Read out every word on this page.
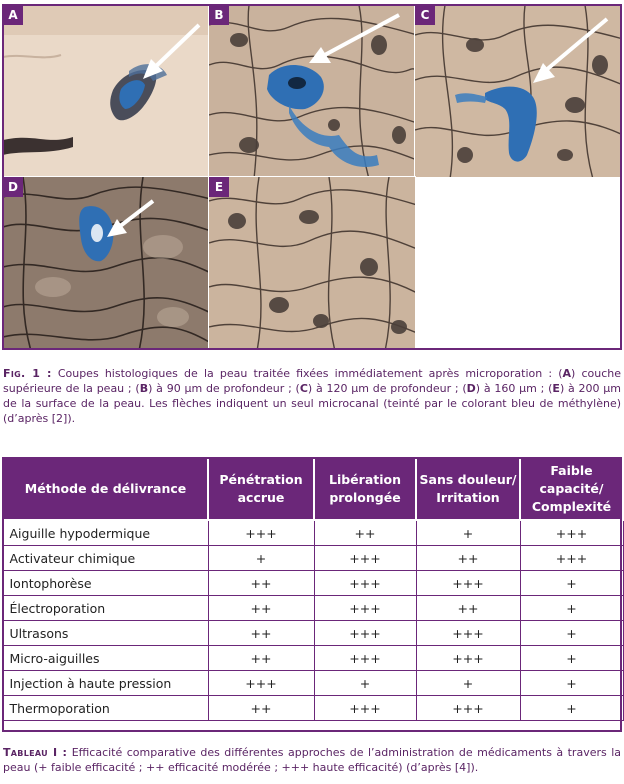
A	B	C
D	E
Fig. 1 : Coupes histologiques de la peau traitée fixées immédiatement après microporation : (A) couche supérieure de la peau ; (B) à 90 µm de profondeur ; (C) à 120 µm de profondeur ; (D) à 160 µm ; (E) à 200 µm de la surface de la peau. Les flèches indiquent un seul microcanal (teinté par le colorant bleu de méthylène) (d’après [2]).
Méthode de délivrance	Pénétration accrue	Libération prolongée	Sans douleur/ Irritation	Faible capacité/ Complexité
Aiguille hypodermique	+++	++	+	+++
Activateur chimique	+	+++	++	+++
Iontophorèse	++	+++	+++	+
Électroporation	++	+++	++	+
Ultrasons	++	+++	+++	+
Micro-aiguilles	++	+++	+++	+
Injection à haute pression	+++	+	+	+
Thermoporation	++	+++	+++	+
Tableau I : Efficacité comparative des différentes approches de l’administration de médicaments à travers la peau (+ faible efficacité ; ++ efficacité modérée ; +++ haute efficacité) (d’après [4]).
